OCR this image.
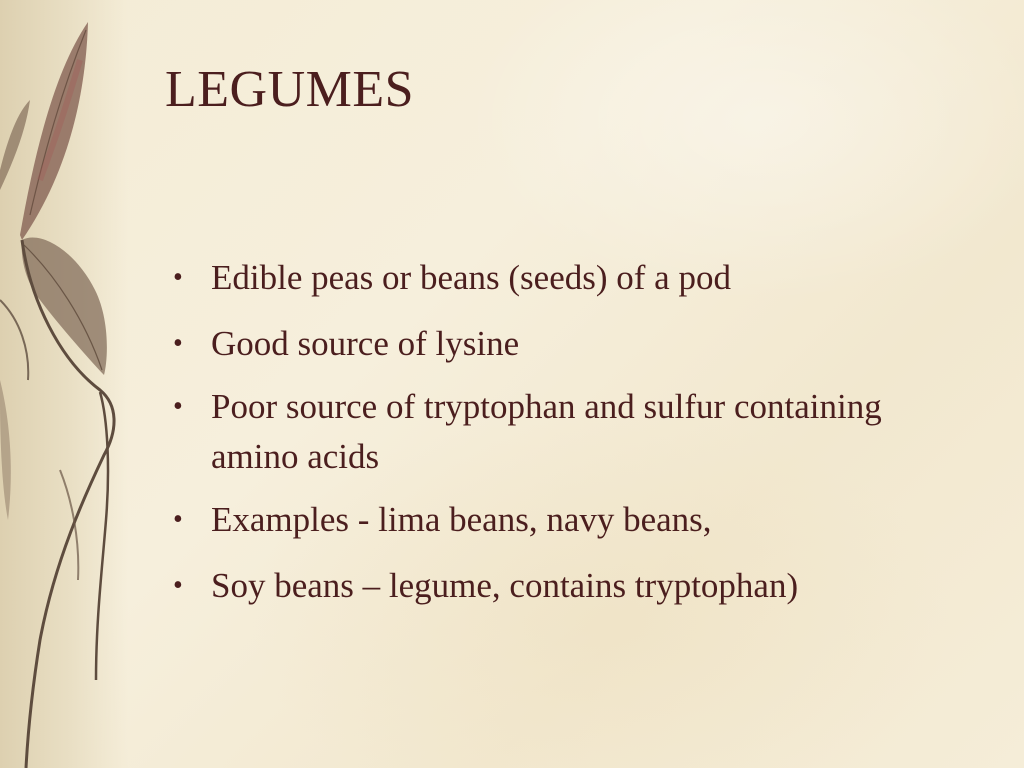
LEGUMES
• Edible peas or beans (seeds) of a pod
• Good source of lysine
• Poor source of tryptophan and sulfur containing amino acids
• Examples - lima beans, navy beans,
• Soy beans – legume, contains tryptophan)
